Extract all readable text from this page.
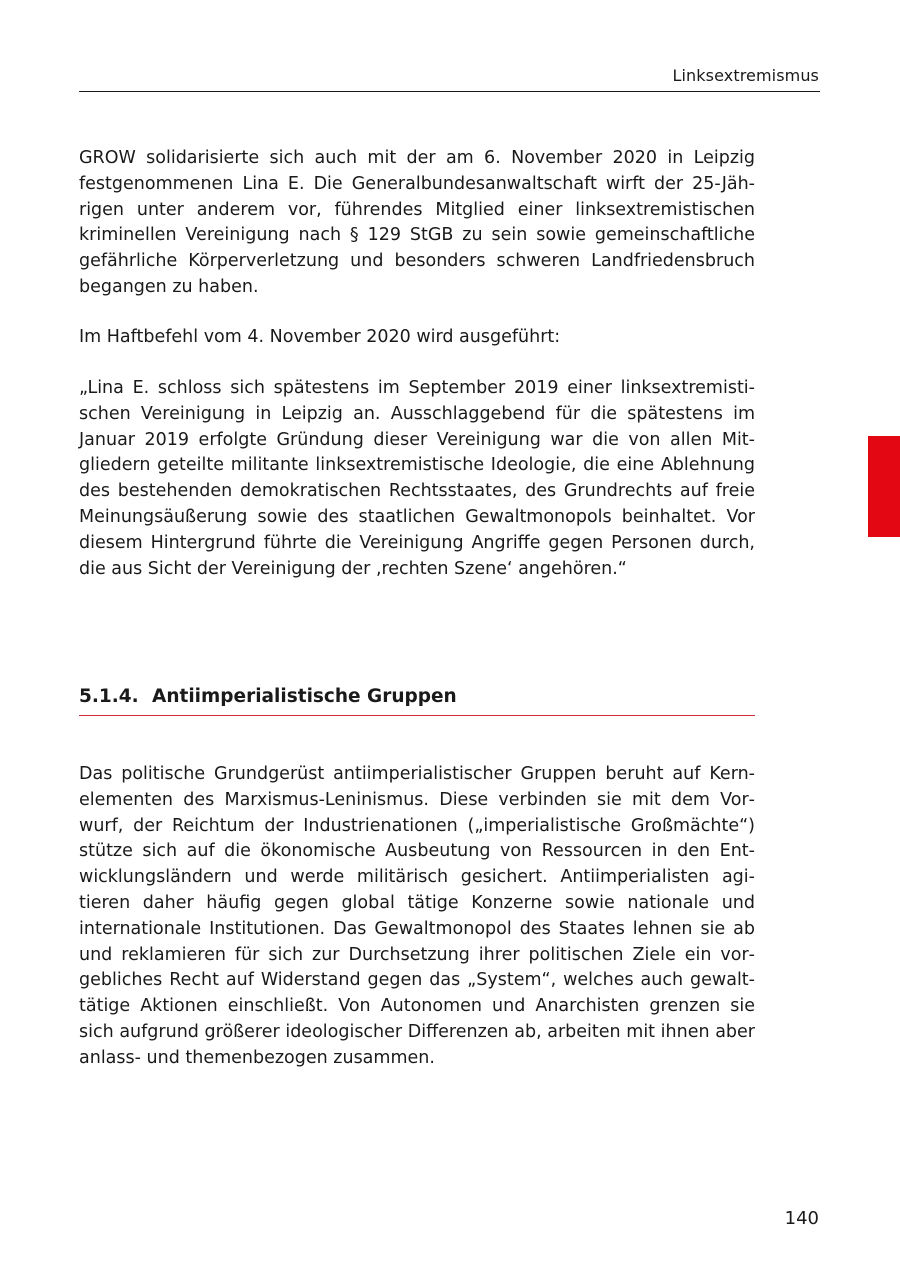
Linksextremismus

GROW solidarisierte sich auch mit der am 6. November 2020 in Leipzig festgenommenen Lina E. Die Generalbundesanwaltschaft wirft der 25-Jährigen unter anderem vor, führendes Mitglied einer linksextremistischen kriminellen Vereinigung nach § 129 StGB zu sein sowie gemeinschaftliche gefährliche Körperverletzung und besonders schweren Landfriedensbruch begangen zu haben.

Im Haftbefehl vom 4. November 2020 wird ausgeführt:

„Lina E. schloss sich spätestens im September 2019 einer linksextremistischen Vereinigung in Leipzig an. Ausschlaggebend für die spätestens im Januar 2019 erfolgte Gründung dieser Vereinigung war die von allen Mitgliedern geteilte militante linksextremistische Ideologie, die eine Ablehnung des bestehenden demokratischen Rechtsstaates, des Grundrechts auf freie Meinungsäußerung sowie des staatlichen Gewaltmonopols beinhaltet. Vor diesem Hintergrund führte die Vereinigung Angriffe gegen Personen durch, die aus Sicht der Vereinigung der ‚rechten Szene‘ angehören.“

5.1.4. Antiimperialistische Gruppen

Das politische Grundgerüst antiimperialistischer Gruppen beruht auf Kernelementen des Marxismus-Leninismus. Diese verbinden sie mit dem Vorwurf, der Reichtum der Industrienationen („imperialistische Großmächte“) stütze sich auf die ökonomische Ausbeutung von Ressourcen in den Entwicklungsländern und werde militärisch gesichert. Antiimperialisten agitieren daher häufig gegen global tätige Konzerne sowie nationale und internationale Institutionen. Das Gewaltmonopol des Staates lehnen sie ab und reklamieren für sich zur Durchsetzung ihrer politischen Ziele ein vorgebliches Recht auf Widerstand gegen das „System“, welches auch gewalttätige Aktionen einschließt. Von Autonomen und Anarchisten grenzen sie sich aufgrund größerer ideologischer Differenzen ab, arbeiten mit ihnen aber anlass- und themenbezogen zusammen.

140
